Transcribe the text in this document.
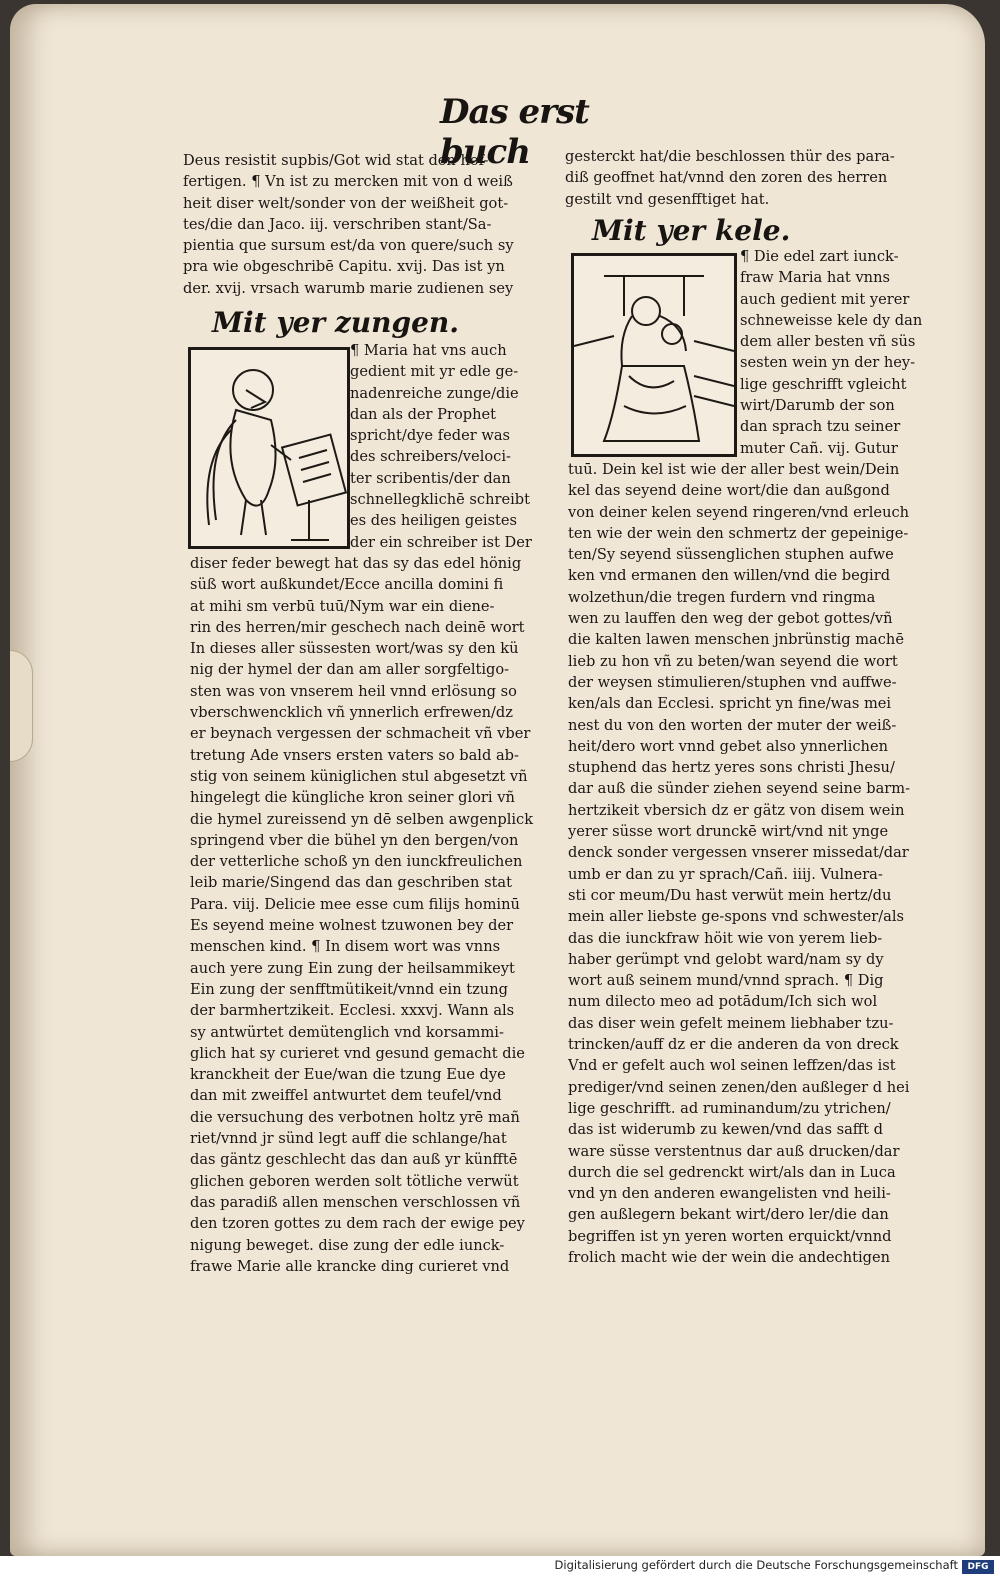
Das erst buch
Deus resistit supbis/Got wid stat den hof-
fertigen. ¶ Vn ist zu mercken mit von d weiß
heit diser welt/sonder von der weißheit got-
tes/die dan Jaco. iij. verschriben stant/Sa-
pientia que sursum est/da von quere/such sy
pra wie obgeschribē Capitu. xvij. Das ist yn
der. xvij. vrsach warumb marie zudienen sey
Mit yer zungen.
¶ Maria hat vns auch
gedient mit yr edle ge-
nadenreiche zunge/die
dan als der Prophet
spricht/dye feder was
des schreibers/veloci-
ter scribentis/der dan
schnellegklichē schreibt
es des heiligen geistes
der ein schreiber ist Der
diser feder bewegt hat das sy das edel hönig
süß wort außkundet/Ecce ancilla domini fi
at mihi sm verbū tuū/Nym war ein diene-
rin des herren/mir geschech nach deinē wort
In dieses aller süssesten wort/was sy den kü
nig der hymel der dan am aller sorgfeltigo-
sten was von vnserem heil vnnd erlösung so
vberschwencklich vñ ynnerlich erfrewen/dz
er beynach vergessen der schmacheit vñ vber
tretung Ade vnsers ersten vaters so bald ab-
stig von seinem küniglichen stul abgesetzt vñ
hingelegt die küngliche kron seiner glori vñ
die hymel zureissend yn dē selben awgenplick
springend vber die bühel yn den bergen/von
der vetterliche schoß yn den iunckfreulichen
leib marie/Singend das dan geschriben stat
Para. viij. Delicie mee esse cum filijs hominū
Es seyend meine wolnest tzuwonen bey der
menschen kind. ¶ In disem wort was vnns
auch yere zung Ein zung der heilsammikeyt
Ein zung der senfftmütikeit/vnnd ein tzung
der barmhertzikeit. Ecclesi. xxxvj. Wann als
sy antwürtet demütenglich vnd korsammi-
glich hat sy curieret vnd gesund gemacht die
kranckheit der Eue/wan die tzung Eue dye
dan mit zweiffel antwurtet dem teufel/vnd
die versuchung des verbotnen holtz yrē mañ
riet/vnnd jr sünd legt auff die schlange/hat
das gäntz geschlecht das dan auß yr künfftē
glichen geboren werden solt tötliche verwüt
das paradiß allen menschen verschlossen vñ
den tzoren gottes zu dem rach der ewige pey
nigung beweget. dise zung der edle iunck-
frawe Marie alle krancke ding curieret vnd
gesterckt hat/die beschlossen thür des para-
diß geoffnet hat/vnnd den zoren des herren
gestilt vnd gesenfftiget hat.
Mit yer kele.
¶ Die edel zart iunck-
fraw Maria hat vnns
auch gedient mit yerer
schneweisse kele dy dan
dem aller besten vñ süs
sesten wein yn der hey-
lige geschrifft vgleicht
wirt/Darumb der son
dan sprach tzu seiner
muter Cañ. vij. Gutur
tuū. Dein kel ist wie der aller best wein/Dein
kel das seyend deine wort/die dan außgond
von deiner kelen seyend ringeren/vnd erleuch
ten wie der wein den schmertz der gepeinige-
ten/Sy seyend süssenglichen stuphen aufwe
ken vnd ermanen den willen/vnd die begird
wolzethun/die tregen furdern vnd ringma
wen zu lauffen den weg der gebot gottes/vñ
die kalten lawen menschen jnbrünstig machē
lieb zu hon vñ zu beten/wan seyend die wort
der weysen stimulieren/stuphen vnd auffwe-
ken/als dan Ecclesi. spricht yn fine/was mei
nest du von den worten der muter der weiß-
heit/dero wort vnnd gebet also ynnerlichen
stuphend das hertz yeres sons christi Jhesu/
dar auß die sünder ziehen seyend seine barm-
hertzikeit vbersich dz er gätz von disem wein
yerer süsse wort drunckē wirt/vnd nit ynge
denck sonder vergessen vnserer missedat/dar
umb er dan zu yr sprach/Cañ. iiij. Vulnera-
sti cor meum/Du hast verwüt mein hertz/du
mein aller liebste ge-spons vnd schwester/als
das die iunckfraw höit wie von yerem lieb-
haber gerümpt vnd gelobt ward/nam sy dy
wort auß seinem mund/vnnd sprach. ¶ Dig
num dilecto meo ad potādum/Ich sich wol
das diser wein gefelt meinem liebhaber tzu-
trincken/auff dz er die anderen da von dreck
Vnd er gefelt auch wol seinen leffzen/das ist
prediger/vnd seinen zenen/den außleger d hei
lige geschrifft. ad ruminandum/zu ytrichen/
das ist widerumb zu kewen/vnd das safft d
ware süsse verstentnus dar auß drucken/dar
durch die sel gedrenckt wirt/als dan in Luca
vnd yn den anderen ewangelisten vnd heili-
gen außlegern bekant wirt/dero ler/die dan
begriffen ist yn yeren worten erquickt/vnnd
frolich macht wie der wein die andechtigen
Digitalisierung gefördert durch die Deutsche Forschungsgemeinschaft	DFG
